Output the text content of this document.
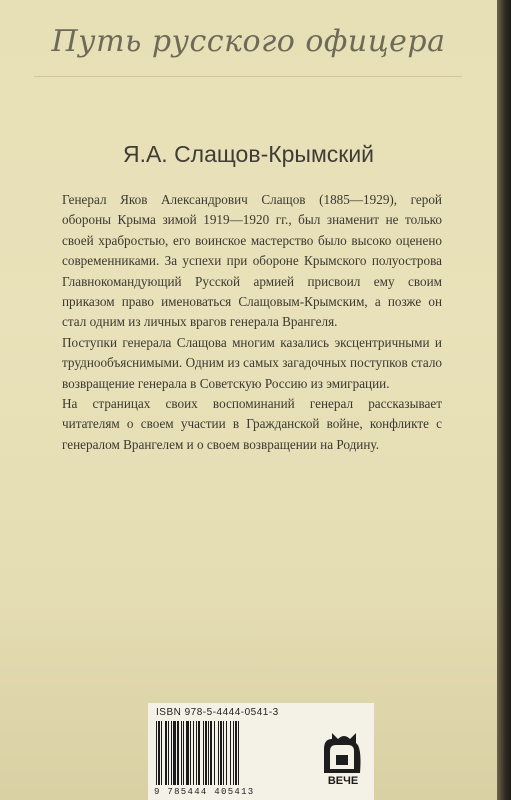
Путь русского офицера
Я.А. Слащов-Крымский

Генерал Яков Александрович Слащов (1885—1929), герой обороны Крыма зимой 1919—1920 гг., был знаменит не только своей храбростью, его воинское мастерство было высоко оценено современниками. За успехи при обороне Крымского полуострова Главнокомандующий Русской армией присвоил ему своим приказом право именоваться Слащовым-Крымским, а позже он стал одним из личных врагов генерала Врангеля.

Поступки генерала Слащова многим казались эксцентричными и труднообъяснимыми. Одним из самых загадочных поступков стало возвращение генерала в Советскую Россию из эмиграции.

На страницах своих воспоминаний генерал рассказывает читателям о своем участии в Гражданской войне, конфликте с генералом Врангелем и о своем возвращении на Родину.

ISBN 978-5-4444-0541-3
9 785444 405413
ВЕЧЕ
